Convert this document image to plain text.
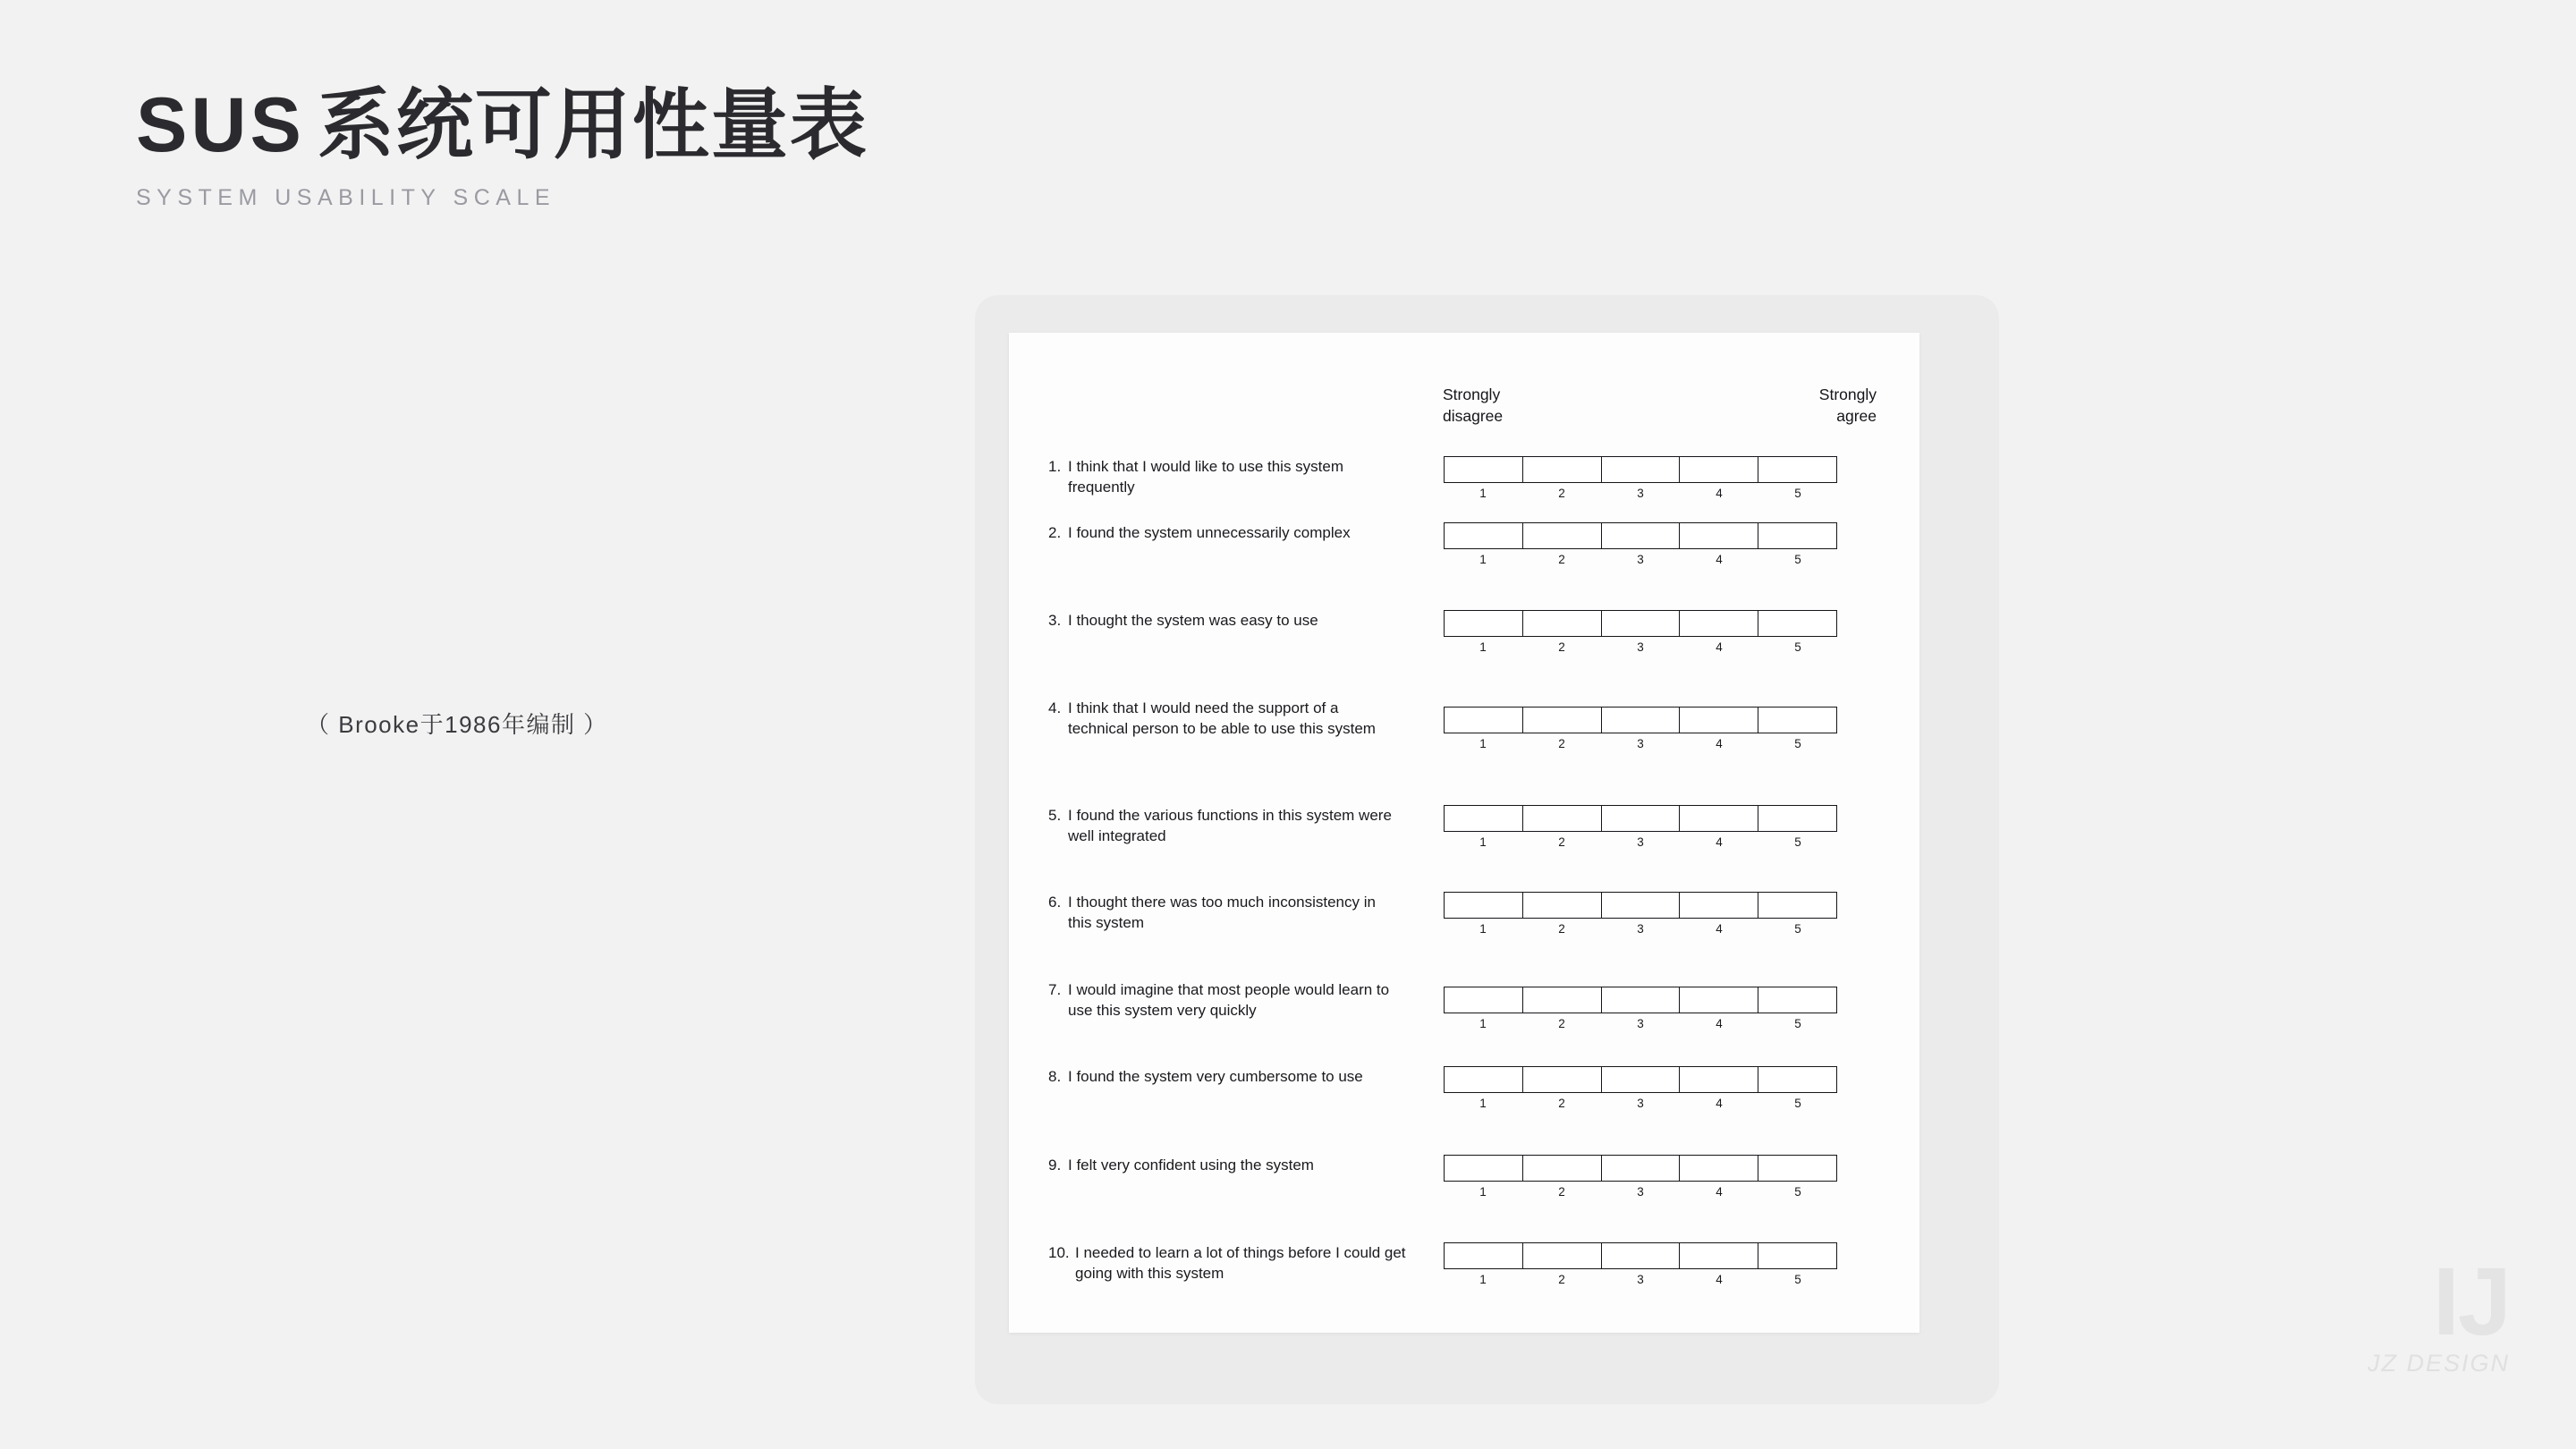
SUS 系统可用性量表
SYSTEM USABILITY SCALE
（ Brooke于1986年编制 ）
Strongly
disagree
Strongly
agree
1. I think that I would like to use this system frequently	1	2	3	4	5
2. I found the system unnecessarily complex
1	2	3	4	5
3. I thought the system was easy to use
1	2	3	4	5
4. I think that I would need the support of a technical person to be able to use this system
1	2	3	4	5
5. I found the various functions in this system were well integrated	1	2	3	4	5
6. I thought there was too much inconsistency in this system	1	2	3	4	5
7. I would imagine that most people would learn to use this system very quickly
1	2	3	4	5
8. I found the system very cumbersome to use
1	2	3	4	5
9. I felt very confident using the system
1	2	3	4	5
10. I needed to learn a lot of things before I could get going with this system	1	2	3	4	5	IJ
JZ DESIGN
